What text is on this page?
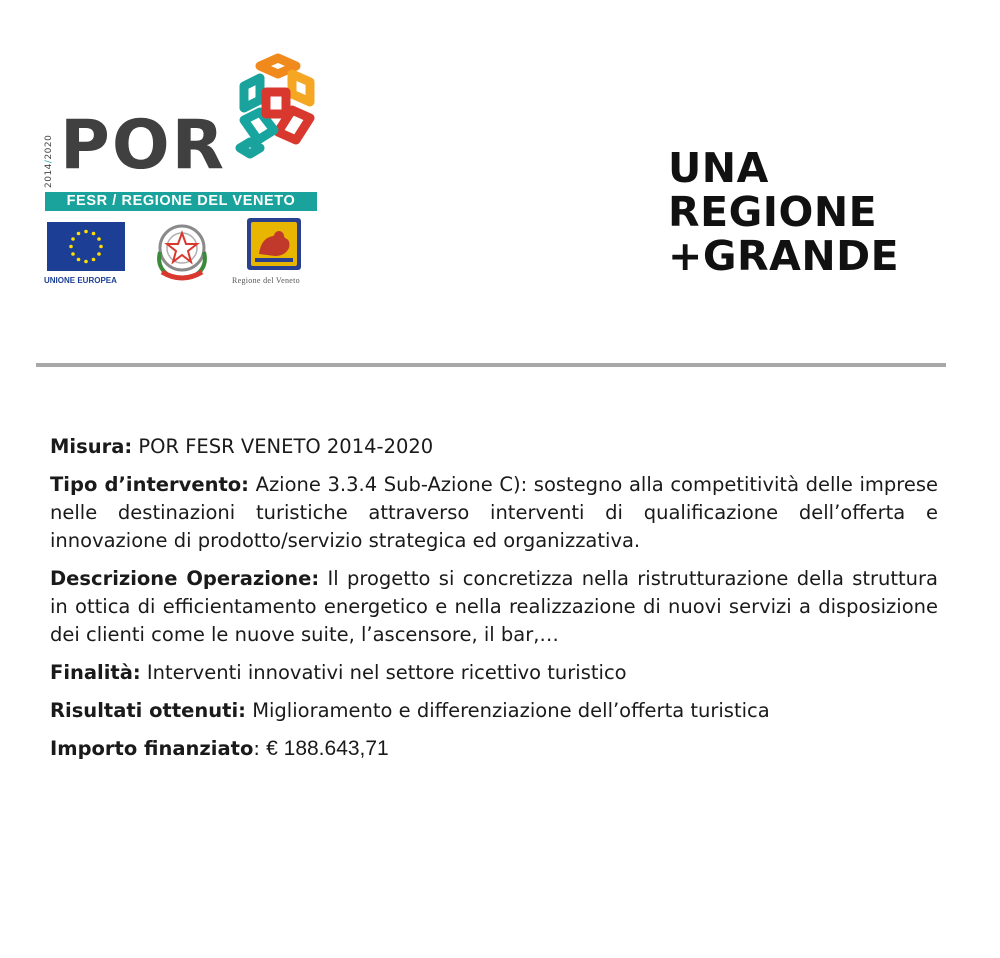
2014/2020 POR
FESR / REGIONE DEL VENETO
UNIONE EUROPEA	Regione del Veneto
UNA
REGIONE
+GRANDE

Misura: POR FESR VENETO 2014-2020

Tipo d’intervento: Azione 3.3.4 Sub-Azione C): sostegno alla competitività delle imprese nelle destinazioni turistiche attraverso interventi di qualificazione dell’offerta e innovazione di prodotto/servizio strategica ed organizzativa.

Descrizione Operazione: Il progetto si concretizza nella ristrutturazione della struttura in ottica di efficientamento energetico e nella realizzazione di nuovi servizi a disposizione dei clienti come le nuove suite, l’ascensore, il bar,…

Finalità: Interventi innovativi nel settore ricettivo turistico

Risultati ottenuti: Miglioramento e differenziazione dell’offerta turistica

Importo finanziato: € 188.643,71
